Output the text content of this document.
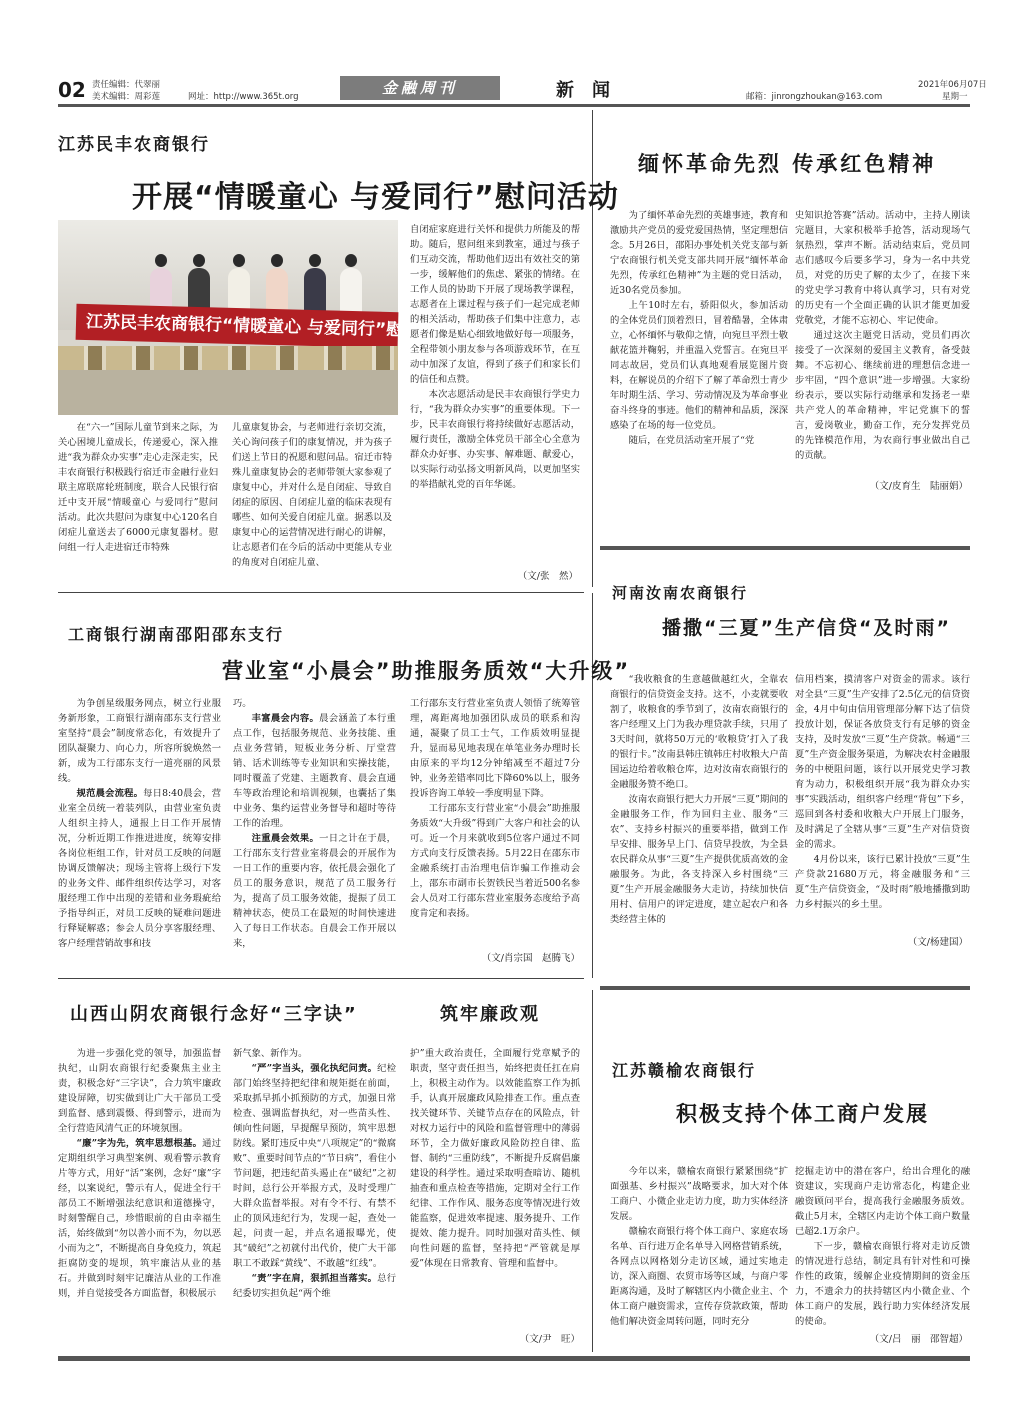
02 责任编辑：代翠丽
美术编辑：周彩莲	网址：http://www.365t.org	金融周刊	新闻	邮箱：jinrongzhoukan@163.com
2021年06月07日
星期一
江苏民丰农商银行
开展“情暖童心 与爱同行”慰问活动
江苏民丰农商银行“情暖童心 与爱同行”慰问活动

在“六一”国际儿童节到来之际，为关心困境儿童成长，传递爱心，深入推进“我为群众办实事”走心走深走实，民丰农商银行积极践行宿迁市金融行业妇联主席联席轮班制度，联合人民银行宿迁中支开展“情暖童心 与爱同行”慰问活动。此次共慰问为康复中心120名自闭症儿童送去了6000元康复器材。慰问组一行人走进宿迁市特殊

儿童康复协会，与老师进行亲切交流，关心询问孩子们的康复情况，并为孩子们送上节日的祝愿和慰问品。宿迁市特殊儿童康复协会的老师带领大家参观了康复中心，并对什么是自闭症、导致自闭症的原因、自闭症儿童的临床表现有哪些、如何关爱自闭症儿童。据悉以及康复中心的运营情况进行耐心的讲解，让志愿者们在今后的活动中更能从专业的角度对自闭症儿童、

自闭症家庭进行关怀和提供力所能及的帮助。随后，慰问组来到教室，通过与孩子们互动交流，帮助他们迈出有效社交的第一步，缓解他们的焦虑、紧张的情绪。在工作人员的协助下开展了现场教学课程，志愿者在上课过程与孩子们一起完成老师的相关活动，帮助孩子们集中注意力，志愿者们像是贴心细致地做好每一项服务，全程带领小朋友参与各项游戏环节，在互动中加深了友谊，得到了孩子们和家长们的信任和点赞。

本次志愿活动是民丰农商银行学史力行，“我为群众办实事”的重要体现。下一步，民丰农商银行将持续做好志愿活动，履行责任，激励全体党员干部全心全意为群众办好事、办实事、解难题、献爱心，以实际行动弘扬文明新风尚，以更加坚实的举措献礼党的百年华诞。

（文/张　然）
缅怀革命先烈 传承红色精神

为了缅怀革命先烈的英雄事迹，教育和激励共产党员的爱党爱国热情，坚定理想信念。5月26日，邵阳办事处机关党支部与新宁农商银行机关党支部共同开展“缅怀革命先烈，传承红色精神”为主题的党日活动，近30名党员参加。

上午10时左右，骄阳似火，参加活动的全体党员们顶着烈日，冒着酷暑，全体肃立，心怀缅怀与敬仰之情，向宛旦平烈士敬献花篮并鞠躬，并重温入党誓言。在宛旦平同志故居，党员们认真地观看展览图片资料，在解说员的介绍下了解了革命烈士青少年时期生活、学习、劳动情况及为革命事业奋斗终身的事迹。他们的精神和品质，深深感染了在场的每一位党员。

随后，在党员活动室开展了“党

史知识抢答赛”活动。活动中，主持人刚读完题目，大家积极举手抢答，活动现场气氛热烈，掌声不断。活动结束后，党员同志们感叹今后要多学习，身为一名中共党员，对党的历史了解的太少了，在接下来的党史学习教育中将认真学习，只有对党的历史有一个全面正确的认识才能更加爱党敬党，才能不忘初心、牢记使命。

通过这次主题党日活动，党员们再次接受了一次深刻的爱国主义教育，备受鼓舞。不忘初心、继续前进的理想信念进一步牢固，“四个意识”进一步增强。大家纷纷表示，要以实际行动继承和发扬老一辈共产党人的革命精神，牢记党旗下的誓言，爱岗敬业，勤奋工作，充分发挥党员的先锋模范作用，为农商行事业做出自己的贡献。

（文/皮育生　陆丽娟）
工商银行湖南邵阳邵东支行
营业室“小晨会”助推服务质效“大升级”

为争创星级服务网点，树立行业服务新形象，工商银行湖南邵东支行营业室坚持“晨会”制度常态化，有效提升了团队凝聚力、向心力，所容所貌焕然一新，成为工行邵东支行一道亮丽的风景线。

规范晨会流程。每日8:40晨会，营业室全员统一着装列队，由营业室负责人组织主持人，通报上日工作开展情况，分析近期工作推进进度，统筹安排各岗位柜组工作，针对员工反映的问题协调反馈解决；现场主管将上级行下发的业务文件、邮件组织传达学习，对客服经理工作中出现的差错和业务瑕疵给予指导纠正，对员工反映的疑难问题进行释疑解惑；参会人员分享客服经理、客户经理营销故事和技

巧。

丰富晨会内容。晨会涵盖了本行重点工作，包括服务规范、业务技能、重点业务营销，短板业务分析、厅堂营销、话术训练等专业知识和实操技能，同时覆盖了党建、主题教育、晨会直通车等政治理论和培训视频，也囊括了集中业务、集约运营业务督导和超时等待工作的治理。

注重晨会效果。一日之计在于晨，工行邵东支行营业室将晨会的开展作为一日工作的重要内容，依托晨会强化了员工的服务意识，规范了员工服务行为，提高了员工服务效能，提振了员工精神状态，使员工在最短的时间快速进入了每日工作状态。自晨会工作开展以来，

工行邵东支行营业室负责人领悟了统筹管理，离距离地加强团队成员的联系和沟通，凝聚了员工士气，工作质效明显提升，显而易见地表现在单笔业务办理时长由原来的平均12分钟缩减至不超过7分钟，业务差错率同比下降60%以上，服务投诉咨询工单较一季度明显下降。

工行邵东支行营业室“小晨会”助推服务质效“大升级”得到广大客户和社会的认可。近一个月来就收到5位客户通过不同方式向支行反馈表扬。5月22日在邵东市金融系统打击治理电信诈骗工作推动会上，邵东市副市长贺铁民当着近500名参会人员对工行邵东营业室服务态度给予高度肯定和表扬。

（文/肖宗国　赵腾飞）
河南汝南农商银行
播撒“三夏”生产信贷“及时雨”

“我收粮食的生意越做越红火，全靠农商银行的信贷资金支持。这不，小麦就要收割了，收粮食的季节到了，汝南农商银行的客户经理又上门为我办理贷款手续，只用了3天时间，就将50万元的‘收粮贷’打入了我的银行卡。”汝南县韩庄镇韩庄村收粮大户苗国运边给着收粮仓库，边对汝南农商银行的金融服务赞不绝口。

汝南农商银行把大力开展“三夏”期间的金融服务工作，作为回归主业、服务“三农”、支持乡村振兴的重要举措，做到工作早安排、服务早上门、信贷早投放，为全县农民群众从事“三夏”生产提供优质高效的金融服务。为此，各支持深入乡村围绕“三夏”生产开展金融服务大走访，持续加快信用村、信用户的评定进度，建立起农户和各类经营主体的

信用档案，摸清客户对资金的需求。该行对全县“三夏”生产安排了2.5亿元的信贷资金，4月中旬由信用管理部分解下达了信贷投放计划，保证各放贷支行有足够的资金支持，及时发放“三夏”生产贷款。畅通“三夏”生产资金服务渠道，为解决农村金融服务的中梗阻问题，该行以开展党史学习教育为动力，积极组织开展“我为群众办实事”实践活动，组织客户经理“背包”下乡，巡回到各村委和收粮大户开展上门服务，及时满足了全辖从事“三夏”生产对信贷资金的需求。

4月份以来，该行已累计投放“三夏”生产贷款21680万元，将金融服务和“三夏”生产信贷资金，“及时雨”般地播撒到助力乡村振兴的乡土里。

（文/杨建国）
山西山阴农商银行念好“三字诀”	筑牢廉政观

为进一步强化党的领导，加强监督执纪，山阴农商银行纪委聚焦主业主责，积极念好“三字诀”，合力筑牢廉政建设屏障，切实做到让广大干部员工受到监督、感到震慑、得到警示，进而为全行营造风清气正的环境氛围。

“廉”字为先，筑牢思想根基。通过定期组织学习典型案例、观看警示教育片等方式，用好“活”案例，念好“廉”字经，以案说纪，警示有人，促进全行干部员工不断增强法纪意识和道德操守，时刻警醒自己，珍惜眼前的自由幸福生活，始终做到“勿以善小而不为，勿以恶小而为之”，不断提高自身免疫力，筑起拒腐防变的堤坝，筑牢廉洁从业的基石。并做到时刻牢记廉洁从业的工作准则，并自觉接受各方面监督，积极展示

新气象、新作为。

“严”字当头，强化执纪问责。纪检部门始终坚持把纪律和规矩挺在前面，采取抓早抓小抓预防的方式，加强日常检查、强调监督执纪，对一些苗头性、倾向性问题，早提醒早预防，筑牢思想防线。紧盯违反中央“八项规定”的“微腐败”、重要时间节点的“节日病”，看住小节问题，把违纪苗头遏止在“破纪”之初时间，总行公开举报方式，及时受理广大群众监督举报。对有令不行、有禁不止的顶风违纪行为，发现一起，查处一起，问责一起，并点名通报曝光，使其“破纪”之初就付出代价，使广大干部职工不敢踩“黄线”、不敢越“红线”。

“责”字在肩，狠抓担当落实。总行纪委切实担负起“两个维

护”重大政治责任，全面履行党章赋予的职责，坚守责任担当，始终把责任扛在肩上，积极主动作为。以效能监察工作为抓手，认真开展廉政风险排查工作。重点查找关键环节、关键节点存在的风险点，针对权力运行中的风险和监督管理中的薄弱环节，全力做好廉政风险防控自律、监督、制约“三重防线”，不断提升反腐倡廉建设的科学性。通过采取明查暗访、随机抽查和重点检查等措施，定期对全行工作纪律、工作作风、服务态度等情况进行效能监察，促进效率提速、服务提升、工作提效、能力提升。同时加强对苗头性、倾向性问题的监督，坚持把“严管就是厚爱”体现在日常教育、管理和监督中。

（文/尹　旺）
江苏赣榆农商银行
积极支持个体工商户发展

今年以来，赣榆农商银行紧紧围绕“扩面强基、乡村振兴”战略要求，加大对个体工商户、小微企业走访力度，助力实体经济发展。

赣榆农商银行将个体工商户、家庭农场名单、百行进万企名单导入网格营销系统，各网点以网格划分走访区域，通过实地走访，深入商圈、农贸市场等区域，与商户零距离沟通，及时了解辖区内小微企业主、个体工商户融资需求，宣传存贷款政策，帮助他们解决资金周转问题，同时充分

挖掘走访中的潜在客户，给出合理化的融资建议，实现商户走访常态化，构建企业融资顾问平台，提高我行金融服务质效。截止5月末，全辖区内走访个体工商户数量已超2.1万余户。

下一步，赣榆农商银行将对走访反馈的情况进行总结，制定具有针对性和可操作性的政策，缓解企业疫情期间的资金压力，不遗余力的扶持辖区内小微企业、个体工商户的发展，践行助力实体经济发展的使命。

（文/吕　丽　邵智超）
